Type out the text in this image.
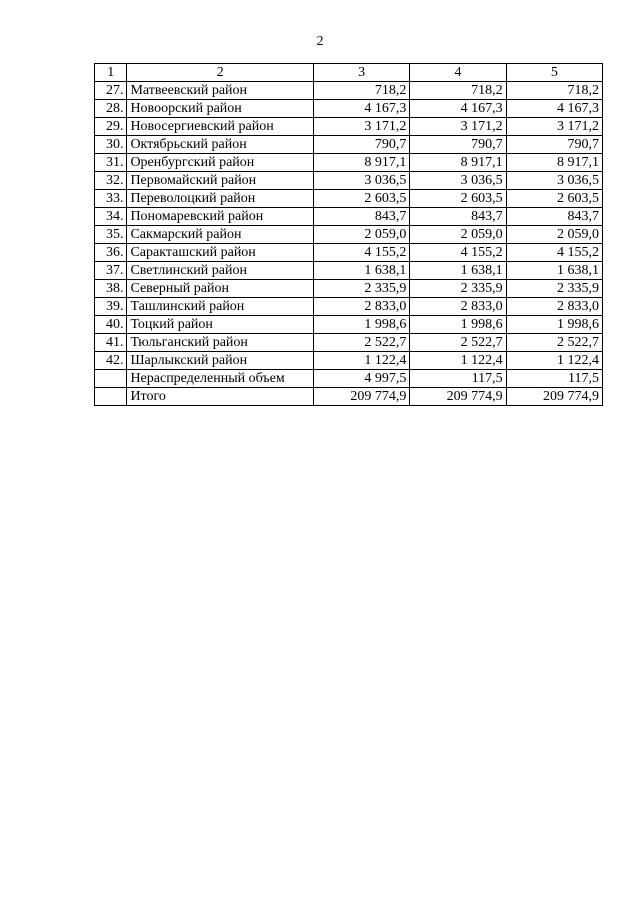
2
1	2	3	4	5
27.	Матвеевский район	718,2	718,2	718,2
28.	Новоорский район	4 167,3	4 167,3	4 167,3
29.	Новосергиевский район	3 171,2	3 171,2	3 171,2
30.	Октябрьский район	790,7	790,7	790,7
31.	Оренбургский район	8 917,1	8 917,1	8 917,1
32.	Первомайский район	3 036,5	3 036,5	3 036,5
33.	Переволоцкий район	2 603,5	2 603,5	2 603,5
34.	Пономаревский район	843,7	843,7	843,7
35.	Сакмарский район	2 059,0	2 059,0	2 059,0
36.	Саракташский район	4 155,2	4 155,2	4 155,2
37.	Светлинский район	1 638,1	1 638,1	1 638,1
38.	Северный район	2 335,9	2 335,9	2 335,9
39.	Ташлинский район	2 833,0	2 833,0	2 833,0
40.	Тоцкий район	1 998,6	1 998,6	1 998,6
41.	Тюльганский район	2 522,7	2 522,7	2 522,7
42.	Шарлыкский район	1 122,4	1 122,4	1 122,4
	Нераспределенный объем	4 997,5	117,5	117,5
	Итого	209 774,9	209 774,9	209 774,9
